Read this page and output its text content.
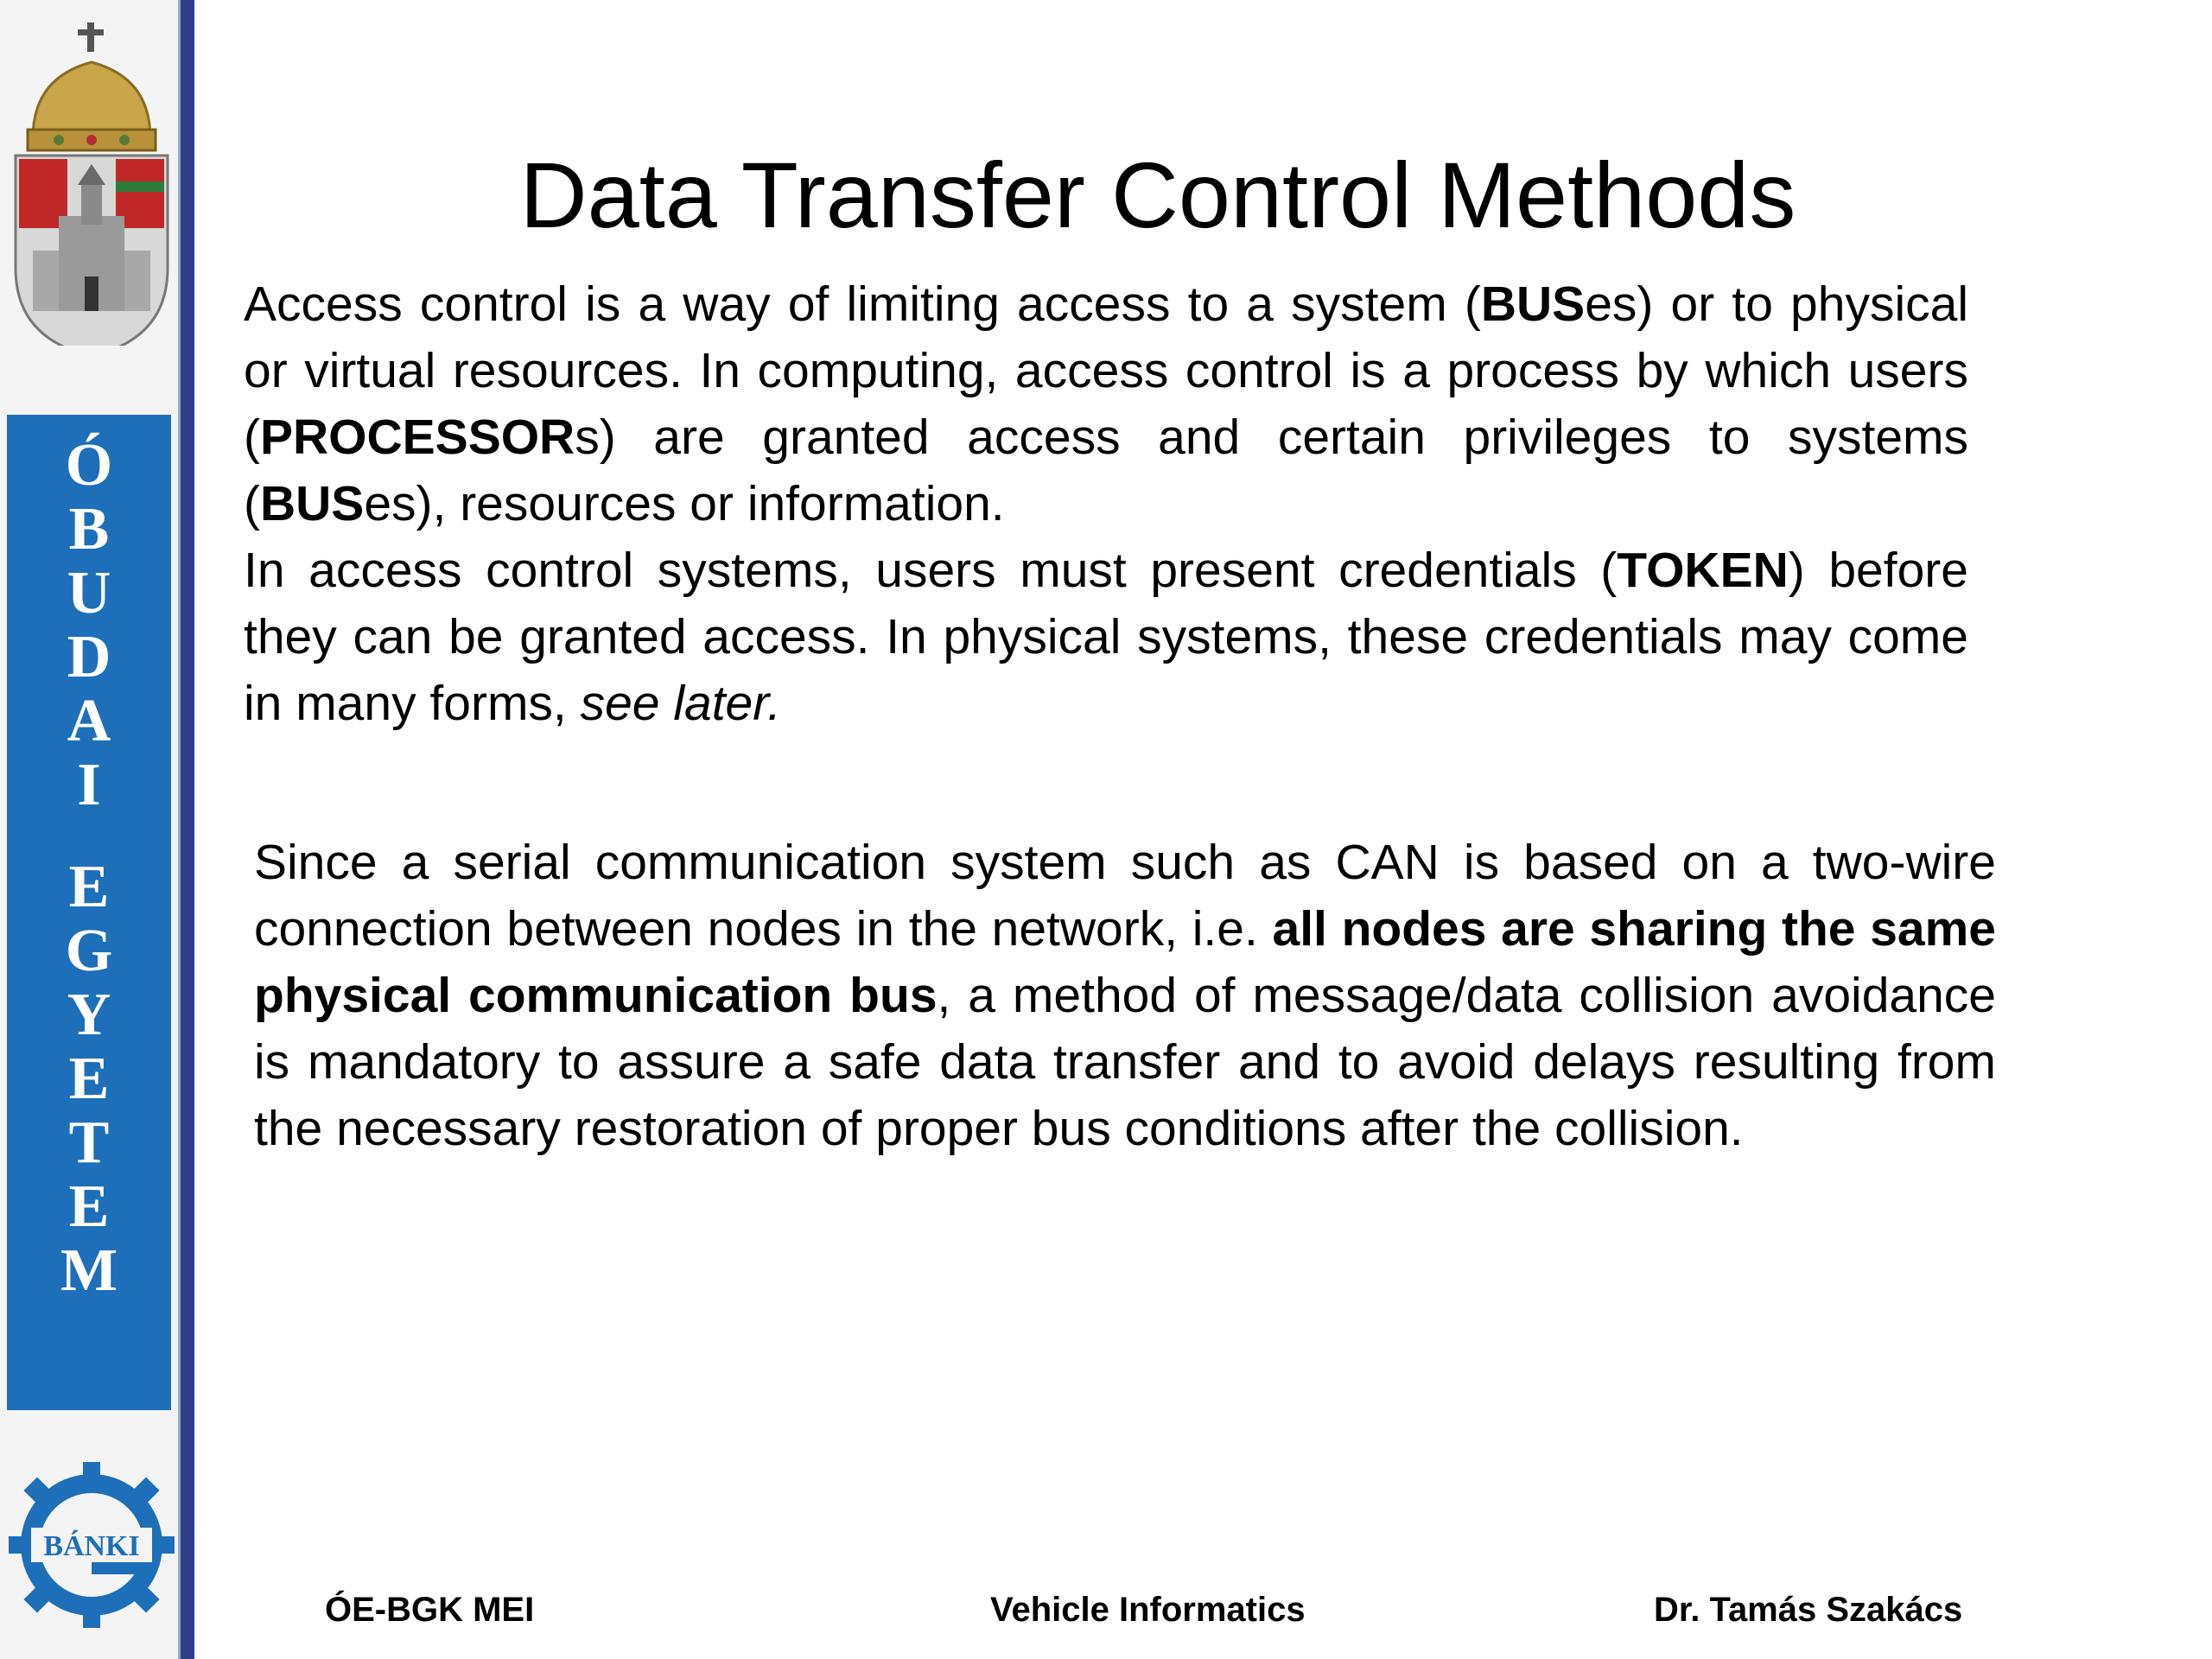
Ó
B
U
D
A
I
E
G
Y
E
T
E
M
BÁNKI
Data Transfer Control Methods

Access control is a way of limiting access to a system (BUSes) or to physical or virtual resources. In computing, access control is a process by which users (PROCESSORs) are granted access and certain privileges to systems (BUSes), resources or information.

In access control systems, users must present credentials (TOKEN) before they can be granted access. In physical systems, these credentials may come in many forms, see later.

Since a serial communication system such as CAN is based on a two-wire connection between nodes in the network, i.e. all nodes are sharing the same physical communication bus, a method of message/data collision avoidance is mandatory to assure a safe data transfer and to avoid delays resulting from the necessary restoration of proper bus conditions after the collision.

ÓE-BGK MEI	Vehicle Informatics	Dr. Tamás Szakács
